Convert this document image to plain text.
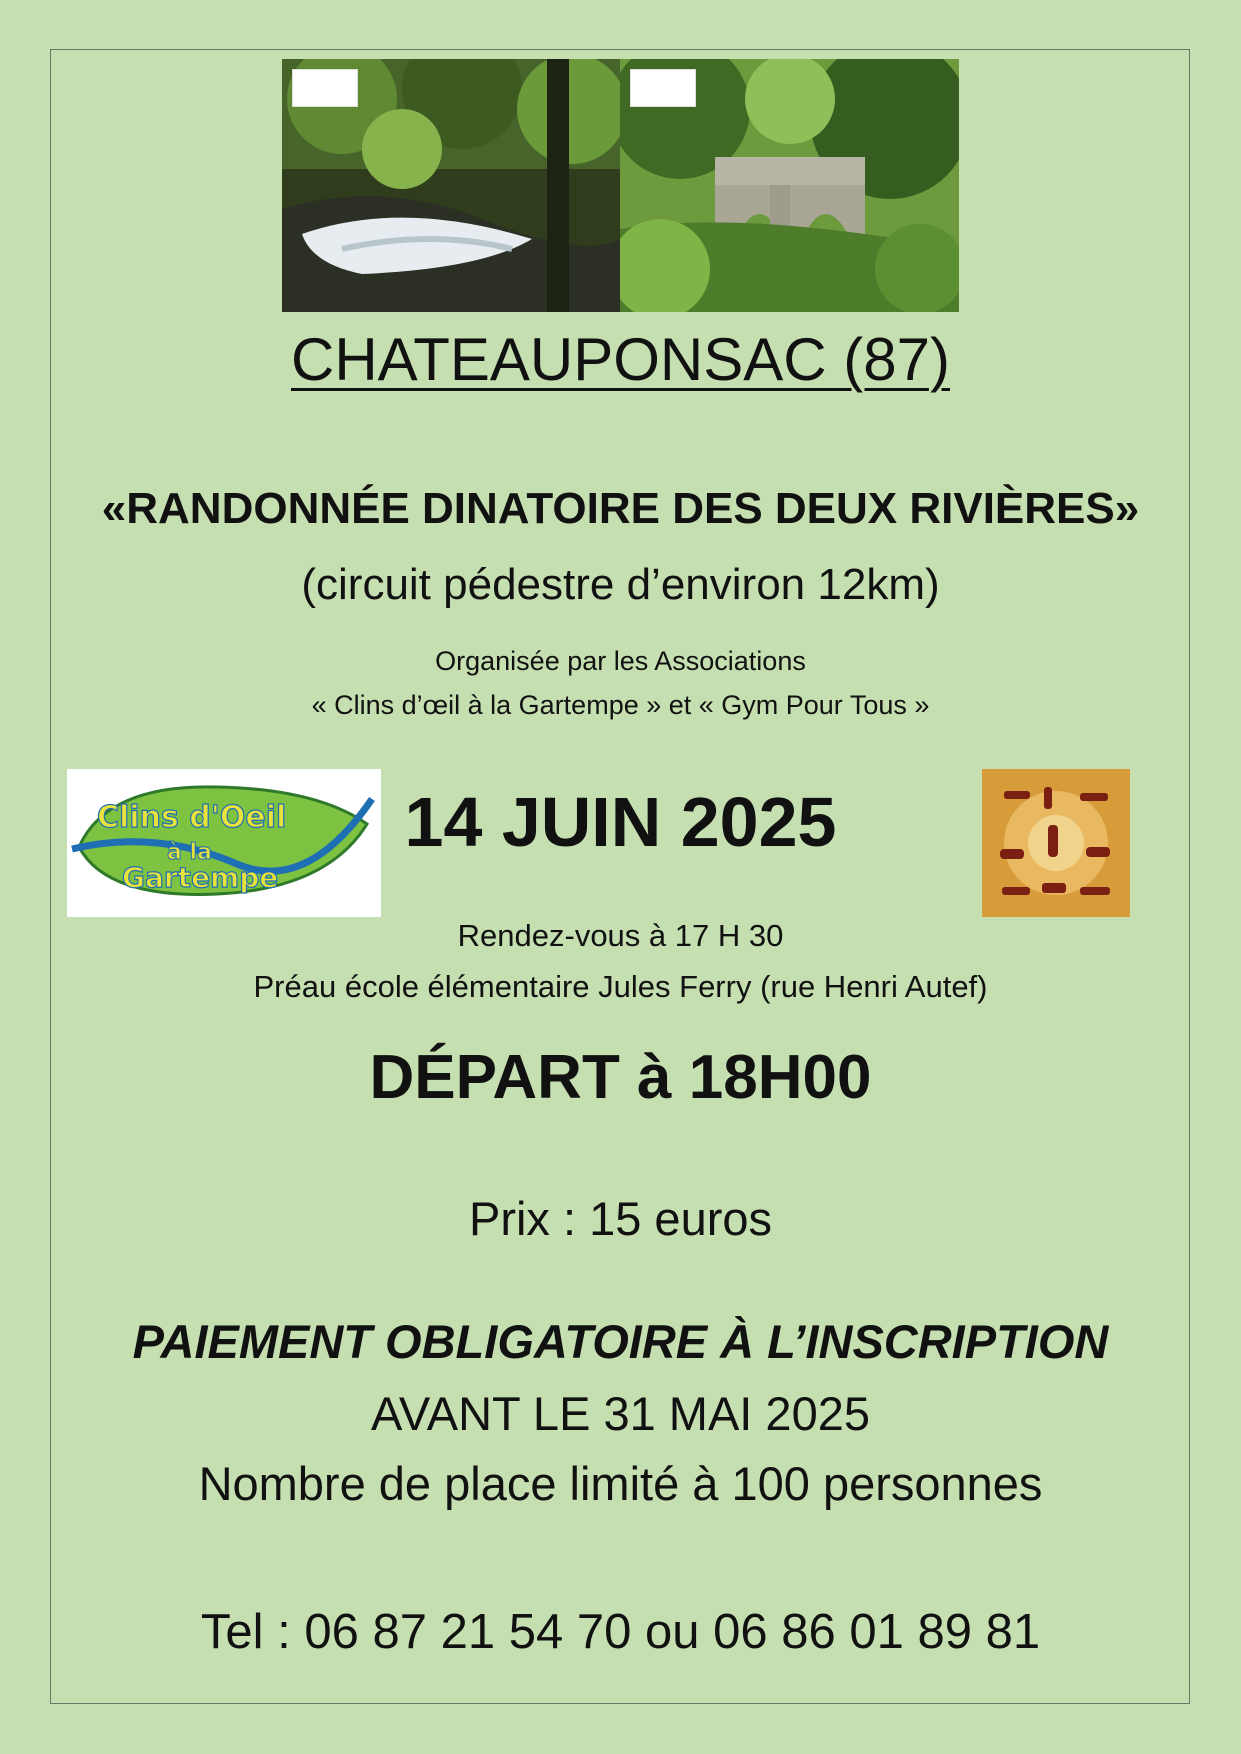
CHATEAUPONSAC (87)
«RANDONNÉE DINATOIRE DES DEUX RIVIÈRES»
(circuit pédestre d’environ 12km)
Organisée par les Associations
« Clins d’œil à la Gartempe » et « Gym Pour Tous »
Clins d'Oeil
à la
Gartempe
14 JUIN 2025
Rendez-vous à 17 H 30
Préau école élémentaire Jules Ferry (rue Henri Autef)
DÉPART à 18H00
Prix : 15 euros
PAIEMENT OBLIGATOIRE À L’INSCRIPTION
AVANT LE 31 MAI 2025
Nombre de place limité à 100 personnes
Tel : 06 87 21 54 70 ou 06 86 01 89 81
